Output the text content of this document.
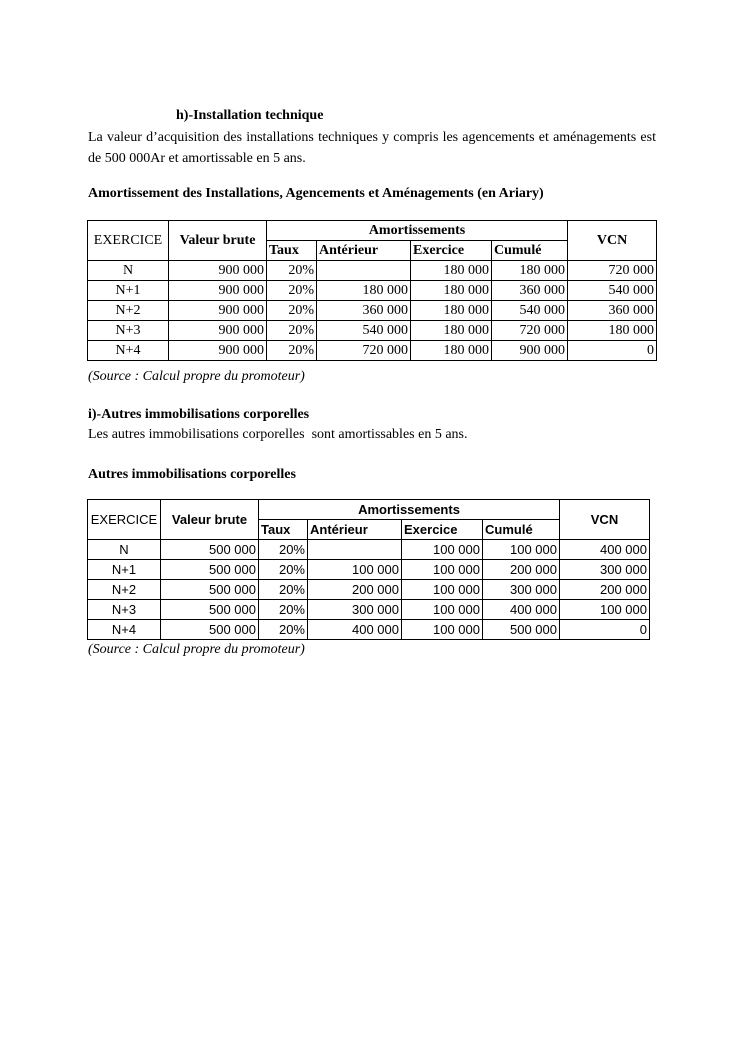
h)-Installation technique
La valeur d’acquisition des installations techniques y compris les agencements et aménagements est de 500 000Ar et amortissable en 5 ans.
Amortissement des Installations, Agencements et Aménagements (en Ariary)
EXERCICE	Valeur brute	Amortissements				VCN
		Taux	Antérieur	Exercice	Cumulé	
N	900 000	20%		180 000	180 000	720 000
N+1	900 000	20%	180 000	180 000	360 000	540 000
N+2	900 000	20%	360 000	180 000	540 000	360 000
N+3	900 000	20%	540 000	180 000	720 000	180 000
N+4	900 000	20%	720 000	180 000	900 000	0
(Source : Calcul propre du promoteur)
i)-Autres immobilisations corporelles
Les autres immobilisations corporelles  sont amortissables en 5 ans.
Autres immobilisations corporelles
EXERCICE	Valeur brute	Amortissements				VCN
		Taux	Antérieur	Exercice	Cumulé	
N	500 000	20%		100 000	100 000	400 000
N+1	500 000	20%	100 000	100 000	200 000	300 000
N+2	500 000	20%	200 000	100 000	300 000	200 000
N+3	500 000	20%	300 000	100 000	400 000	100 000
N+4	500 000	20%	400 000	100 000	500 000	0
(Source : Calcul propre du promoteur)
